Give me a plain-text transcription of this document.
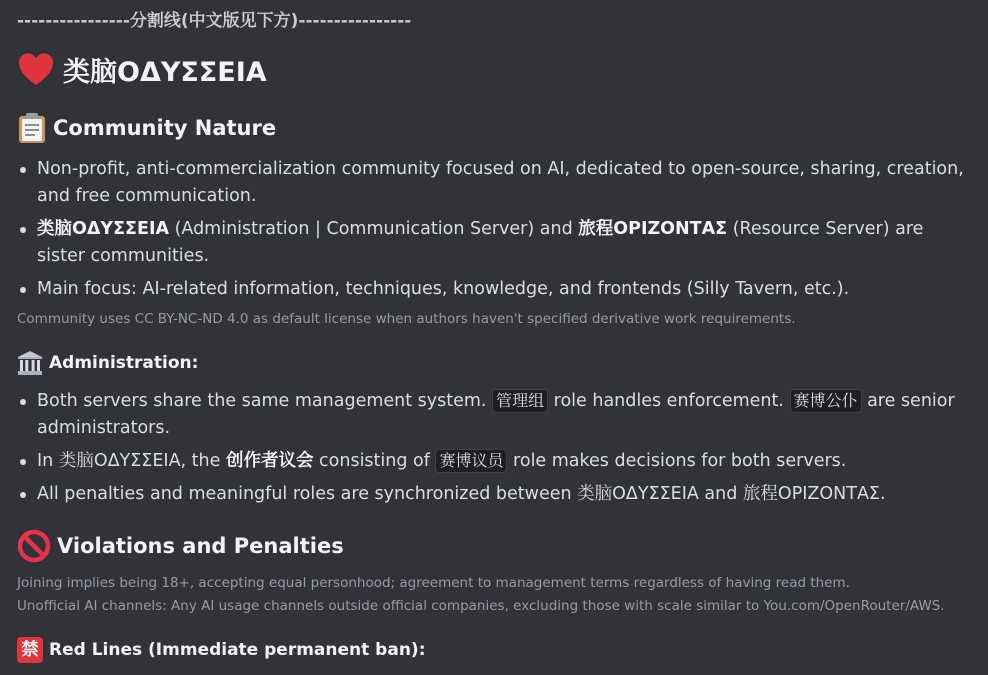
----------------分割线(中文版见下方)----------------
类脑ΟΔΥΣΣΕΙΑ
Community Nature
Non-profit, anti-commercialization community focused on AI, dedicated to open-source, sharing, creation, and free communication.
类脑ΟΔΥΣΣΕΙΑ (Administration | Communication Server) and 旅程ΟΡΙΖΟΝΤΑΣ (Resource Server) are sister communities.
Main focus: AI-related information, techniques, knowledge, and frontends (Silly Tavern, etc.).
Community uses CC BY-NC-ND 4.0 as default license when authors haven't specified derivative work requirements.
Administration:
Both servers share the same management system. 管理组 role handles enforcement. 赛博公仆 are senior administrators.
In 类脑ΟΔΥΣΣΕΙΑ, the 创作者议会 consisting of 赛博议员 role makes decisions for both servers.
All penalties and meaningful roles are synchronized between 类脑ΟΔΥΣΣΕΙΑ and 旅程ΟΡΙΖΟΝΤΑΣ.
Violations and Penalties
Joining implies being 18+, accepting equal personhood; agreement to management terms regardless of having read them.
Unofficial AI channels: Any AI usage channels outside official companies, excluding those with scale similar to You.com/OpenRouter/AWS.
禁 Red Lines (Immediate permanent ban):
